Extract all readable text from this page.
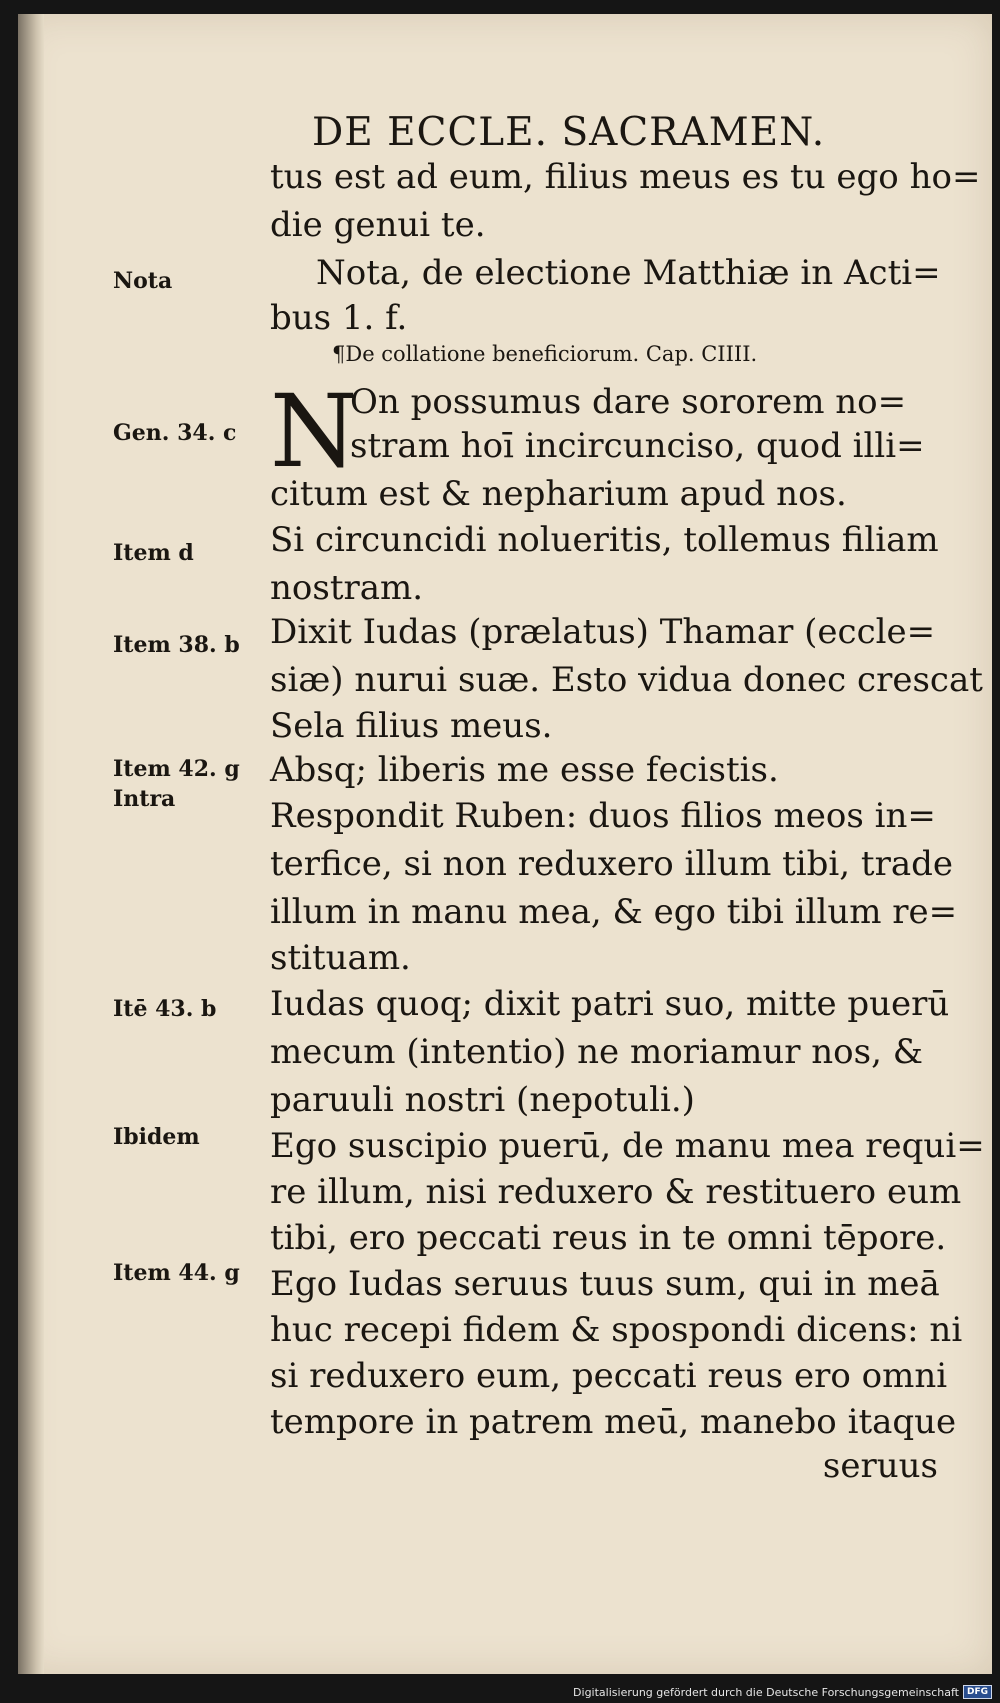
DE ECCLE. SACRAMEN.
tus est ad eum, filius meus es tu ego ho=
die genui te.
Nota, de electione Matthiæ in Acti=
bus 1. f.
¶De collatione beneficiorum. Cap. CIIII.
N
On possumus dare sororem no=
stram hoī incircunciso, quod illi=
citum est & nepharium apud nos.
Si circuncidi nolueritis, tollemus filiam
nostram.
Dixit Iudas (prælatus) Thamar (eccle=
siæ) nurui suæ. Esto vidua donec crescat
Sela filius meus.
Absq; liberis me esse fecistis.
Respondit Ruben: duos filios meos in=
terfice, si non reduxero illum tibi, trade
illum in manu mea, & ego tibi illum re=
stituam.
Iudas quoq; dixit patri suo, mitte puerū
mecum (intentio) ne moriamur nos, &
paruuli nostri (nepotuli.)
Ego suscipio puerū, de manu mea requi=
re illum, nisi reduxero & restituero eum
tibi, ero peccati reus in te omni tēpore.
Ego Iudas seruus tuus sum, qui in meā
huc recepi fidem & spospondi dicens: ni
si reduxero eum, peccati reus ero omni
tempore in patrem meū, manebo itaque
seruus
Nota
Gen. 34. c
Item d
Item 38. b
Item 42. g
Intra
Itē 43. b
Ibidem
Item 44. g
Digitalisierung gefördert durch die Deutsche Forschungsgemeinschaft DFG
